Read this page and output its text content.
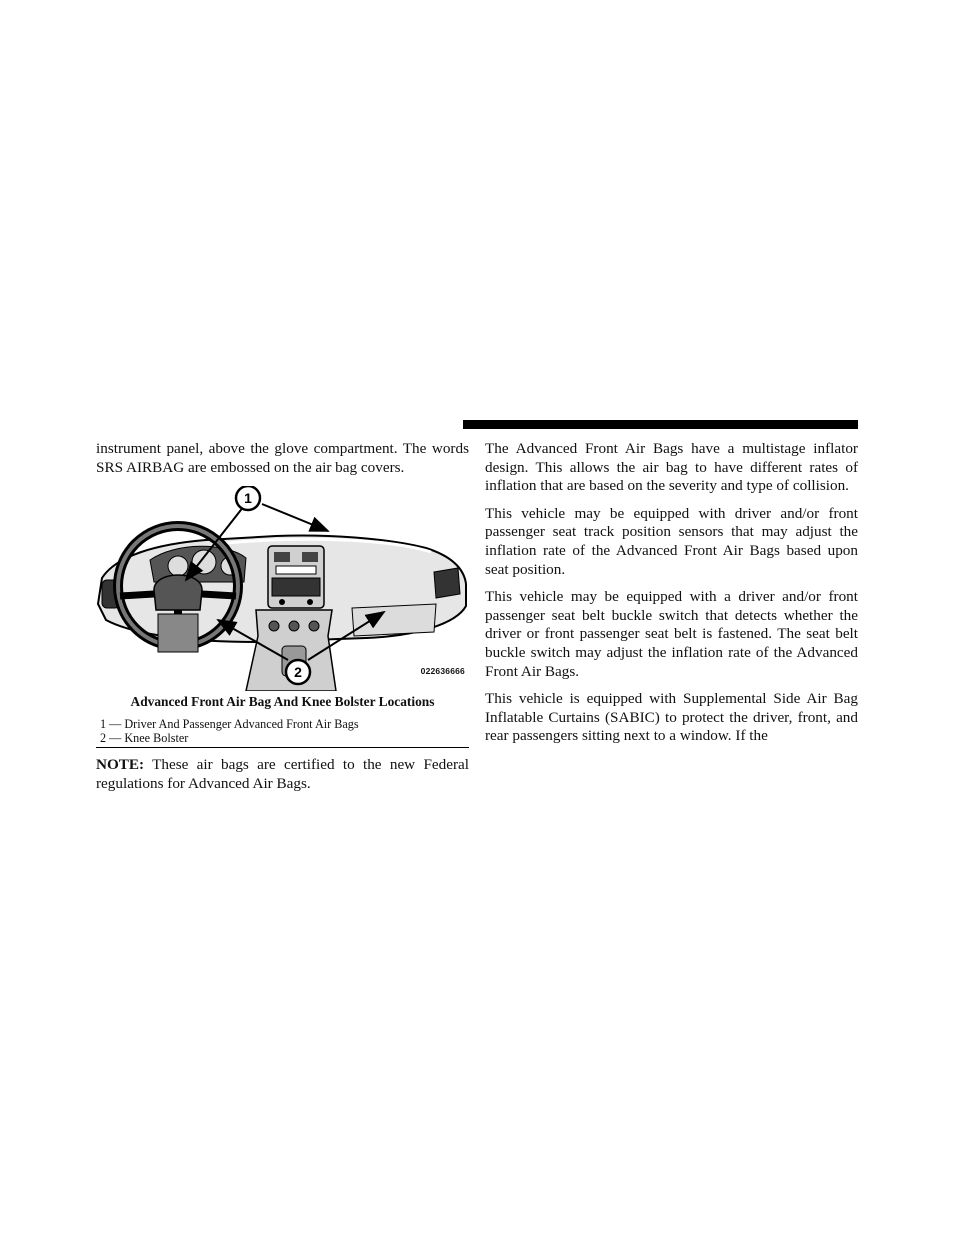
instrument panel, above the glove compartment. The words SRS AIRBAG are embossed on the air bag covers.

1
2	022636666
Advanced Front Air Bag And Knee Bolster Locations
1 — Driver And Passenger Advanced Front Air Bags
2 — Knee Bolster

NOTE: These air bags are certified to the new Federal regulations for Advanced Air Bags.

The Advanced Front Air Bags have a multistage inflator design. This allows the air bag to have different rates of inflation that are based on the severity and type of collision.

This vehicle may be equipped with driver and/or front passenger seat track position sensors that may adjust the inflation rate of the Advanced Front Air Bags based upon seat position.

This vehicle may be equipped with a driver and/or front passenger seat belt buckle switch that detects whether the driver or front passenger seat belt is fastened. The seat belt buckle switch may adjust the inflation rate of the Advanced Front Air Bags.

This vehicle is equipped with Supplemental Side Air Bag Inflatable Curtains (SABIC) to protect the driver, front, and rear passengers sitting next to a window. If the
